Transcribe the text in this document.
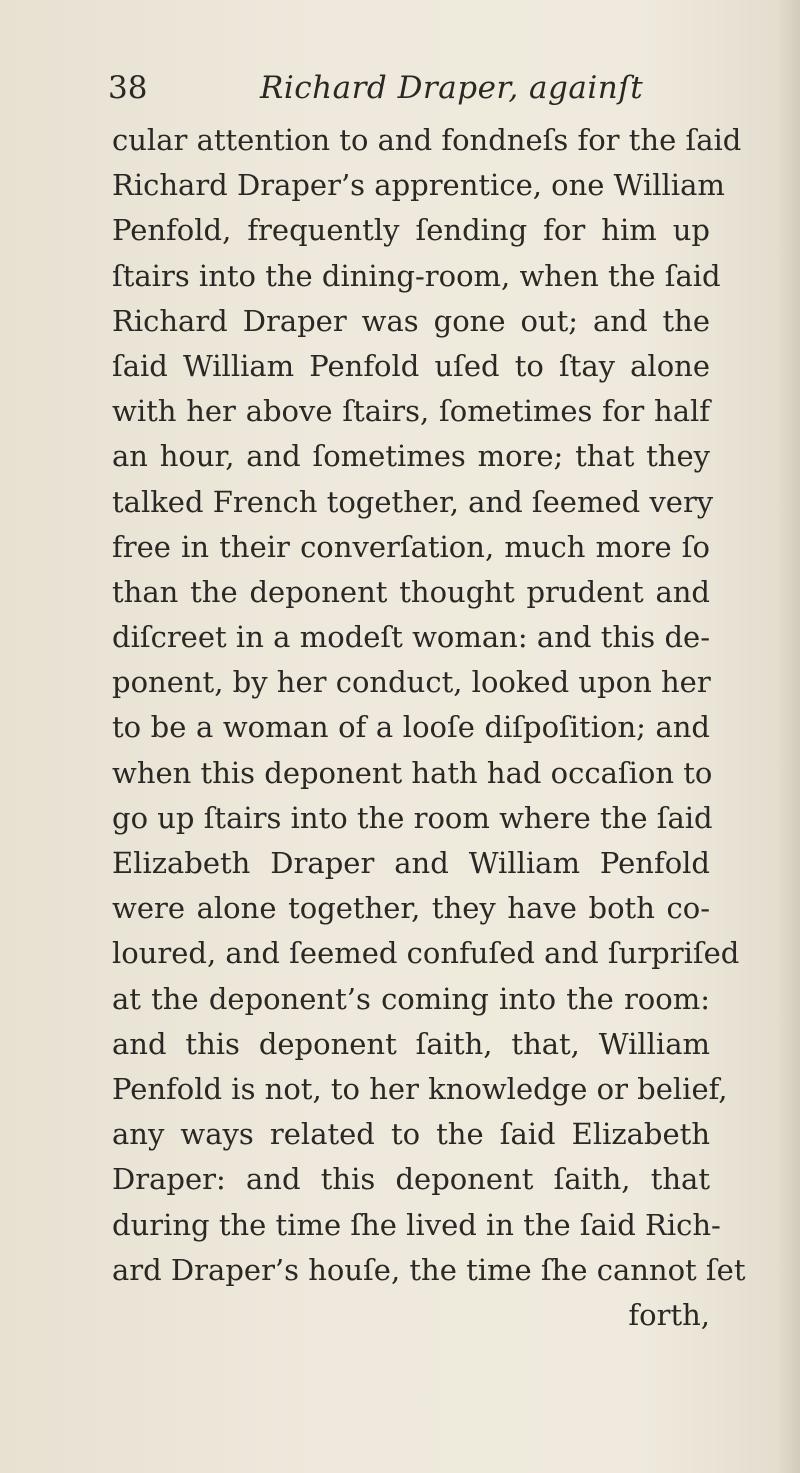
38	Richard Draper, againſt
cular attention to and fondneſs for the ſaid
Richard Draper’s apprentice, one William
Penfold, frequently ſending for him up
ſtairs into the dining-room, when the ſaid
Richard Draper was gone out; and the
ſaid William Penfold uſed to ſtay alone
with her above ſtairs, ſometimes for half
an hour, and ſometimes more; that they
talked French together, and ſeemed very
free in their converſation, much more ſo
than the deponent thought prudent and
diſcreet in a modeſt woman: and this de-
ponent, by her conduct, looked upon her
to be a woman of a looſe diſpoſition; and
when this deponent hath had occaſion to
go up ſtairs into the room where the ſaid
Elizabeth Draper and William Penfold
were alone together, they have both co-
loured, and ſeemed confuſed and ſurpriſed
at the deponent’s coming into the room:
and this deponent ſaith, that, William
Penfold is not, to her knowledge or belief,
any ways related to the ſaid Elizabeth
Draper: and this deponent ſaith, that
during the time ſhe lived in the ſaid Rich-
ard Draper’s houſe, the time ſhe cannot ſet
forth,
